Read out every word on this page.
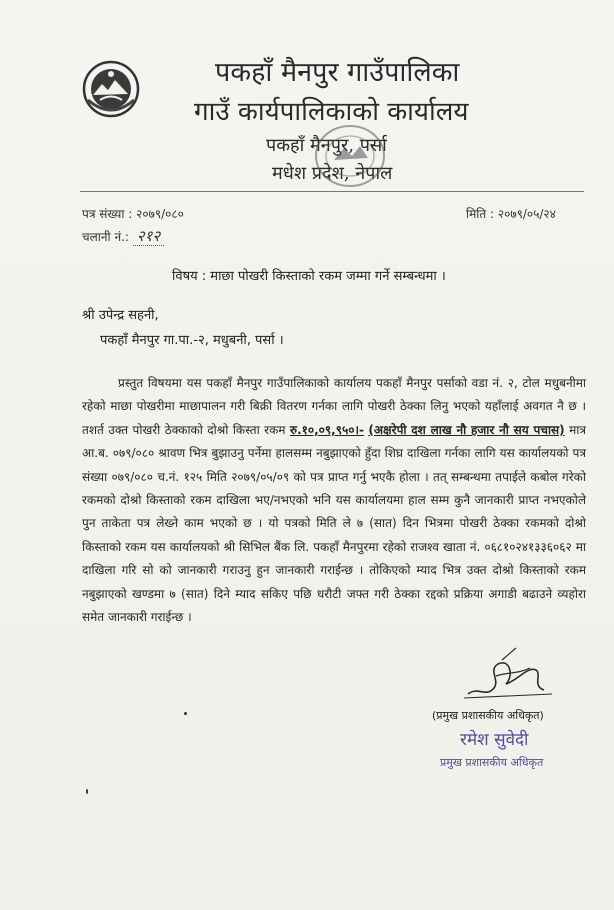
पकहाँ मैनपुर गाउँपालिका
गाउँ कार्यपालिकाको कार्यालय
पकहाँ मैनपुर, पर्सा
मधेश प्रदेश, नेपाल
पत्र संख्या : २०७९/०८०	मिति : २०७९/०५/२४
चलानी नं.: २१२
विषय : माछा पोखरी किस्ताको रकम जम्मा गर्ने सम्बन्धमा ।
श्री उपेन्द्र सहनी,
पकहाँ मैनपुर गा.पा.-२, मधुबनी, पर्सा ।

प्रस्तुत विषयमा यस पकहाँ मैनपुर गाउँपालिकाको कार्यालय पकहाँ मैनपुर पर्साको वडा नं. २, टोल मधुबनीमा रहेको माछा पोखरीमा माछापालन गरी बिक्री वितरण गर्नका लागि पोखरी ठेक्का लिनु भएको यहाँलाई अवगत नै छ । तशर्त उक्त पोखरी ठेक्काको दोश्रो किस्ता रकम रु.१०,०९,९५०।- (अक्षरेपी दश लाख नौ हजार नौ सय पचास) मात्र आ.ब. ०७९/०८० श्रावण भित्र बुझाउनु पर्नेमा हालसम्म नबुझाएको हुँदा शिघ्र दाखिला गर्नका लागि यस कार्यालयको पत्र संख्या ०७९/०८० च.नं. १२५ मिति २०७९/०५/०९ को पत्र प्राप्त गर्नु भएकै होला । तत् सम्बन्धमा तपाईले कबोल गरेको रकमको दोश्रो किस्ताको रकम दाखिला भए/नभएको भनि यस कार्यालयमा हाल सम्म कुनै जानकारी प्राप्त नभएकोले पुन ताकेता पत्र लेख्ने काम भएको छ । यो पत्रको मिति ले ७ (सात) दिन भित्रमा पोखरी ठेक्का रकमको दोश्रो किस्ताको रकम यस कार्यालयको श्री सिभिल बैंक लि. पकहाँ मैनपुरमा रहेको राजश्व खाता नं. ०६८१०२४१३३६०६२ मा दाखिला गरि सो को जानकारी गराउनु हुन जानकारी गराईन्छ । तोकिएको म्याद भित्र उक्त दोश्रो किस्ताको रकम नबुझाएको खण्डमा ७ (सात) दिने म्याद सकिए पछि धरौटी जफ्त गरी ठेक्का रद्दको प्रक्रिया अगाडी बढाउने व्यहोरा समेत जानकारी गराईन्छ ।

(प्रमुख प्रशासकीय अधिकृत)
रमेश सुवेदी
प्रमुख प्रशासकीय अधिकृत
